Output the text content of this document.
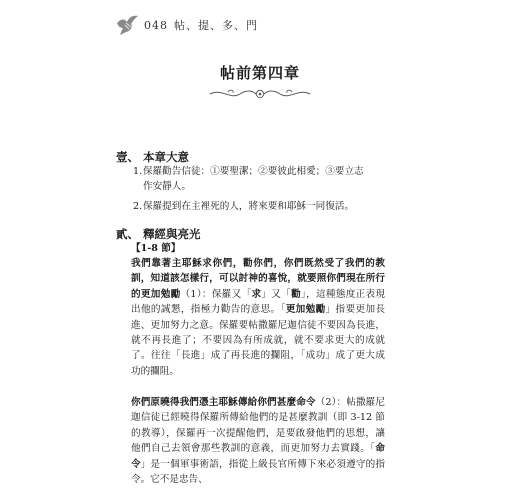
048 帖、提、多、門
帖前第四章
壹、 本章大意
1. 保羅勸告信徒：①要聖潔；②要彼此相愛；③要立志作安靜人。
2. 保羅提到在主裡死的人，將來要和耶穌一同復活。
貳、 釋經與亮光
【1-8 節】

我們靠著主耶穌求你們，勸你們，你們既然受了我們的教訓，知道該怎樣行，可以討神的喜悅，就要照你們現在所行的更加勉勵（1）：保羅又「求」又「勸」，這種態度正表現出他的誠懇，指極力勸告的意思。「更加勉勵」指要更加長進、更加努力之意。保羅要帖撒羅尼迦信徒不要因為長進，就不再長進了；不要因為有所成就，就不要求更大的成就了。往往「長進」成了再長進的攔阻，「成功」成了更大成功的攔阻。

你們原曉得我們憑主耶穌傳給你們甚麼命令（2）：帖撒羅尼迦信徒已經曉得保羅所傳給他們的是甚麼教訓（即 3-12 節的教導），保羅再一次提醒他們，是要啟發他們的思想，讓他們自己去領會那些教訓的意義，而更加努力去實踐。「命令」是一個軍事術語，指從上級長官所傳下來必須遵守的指令。它不是忠告、
